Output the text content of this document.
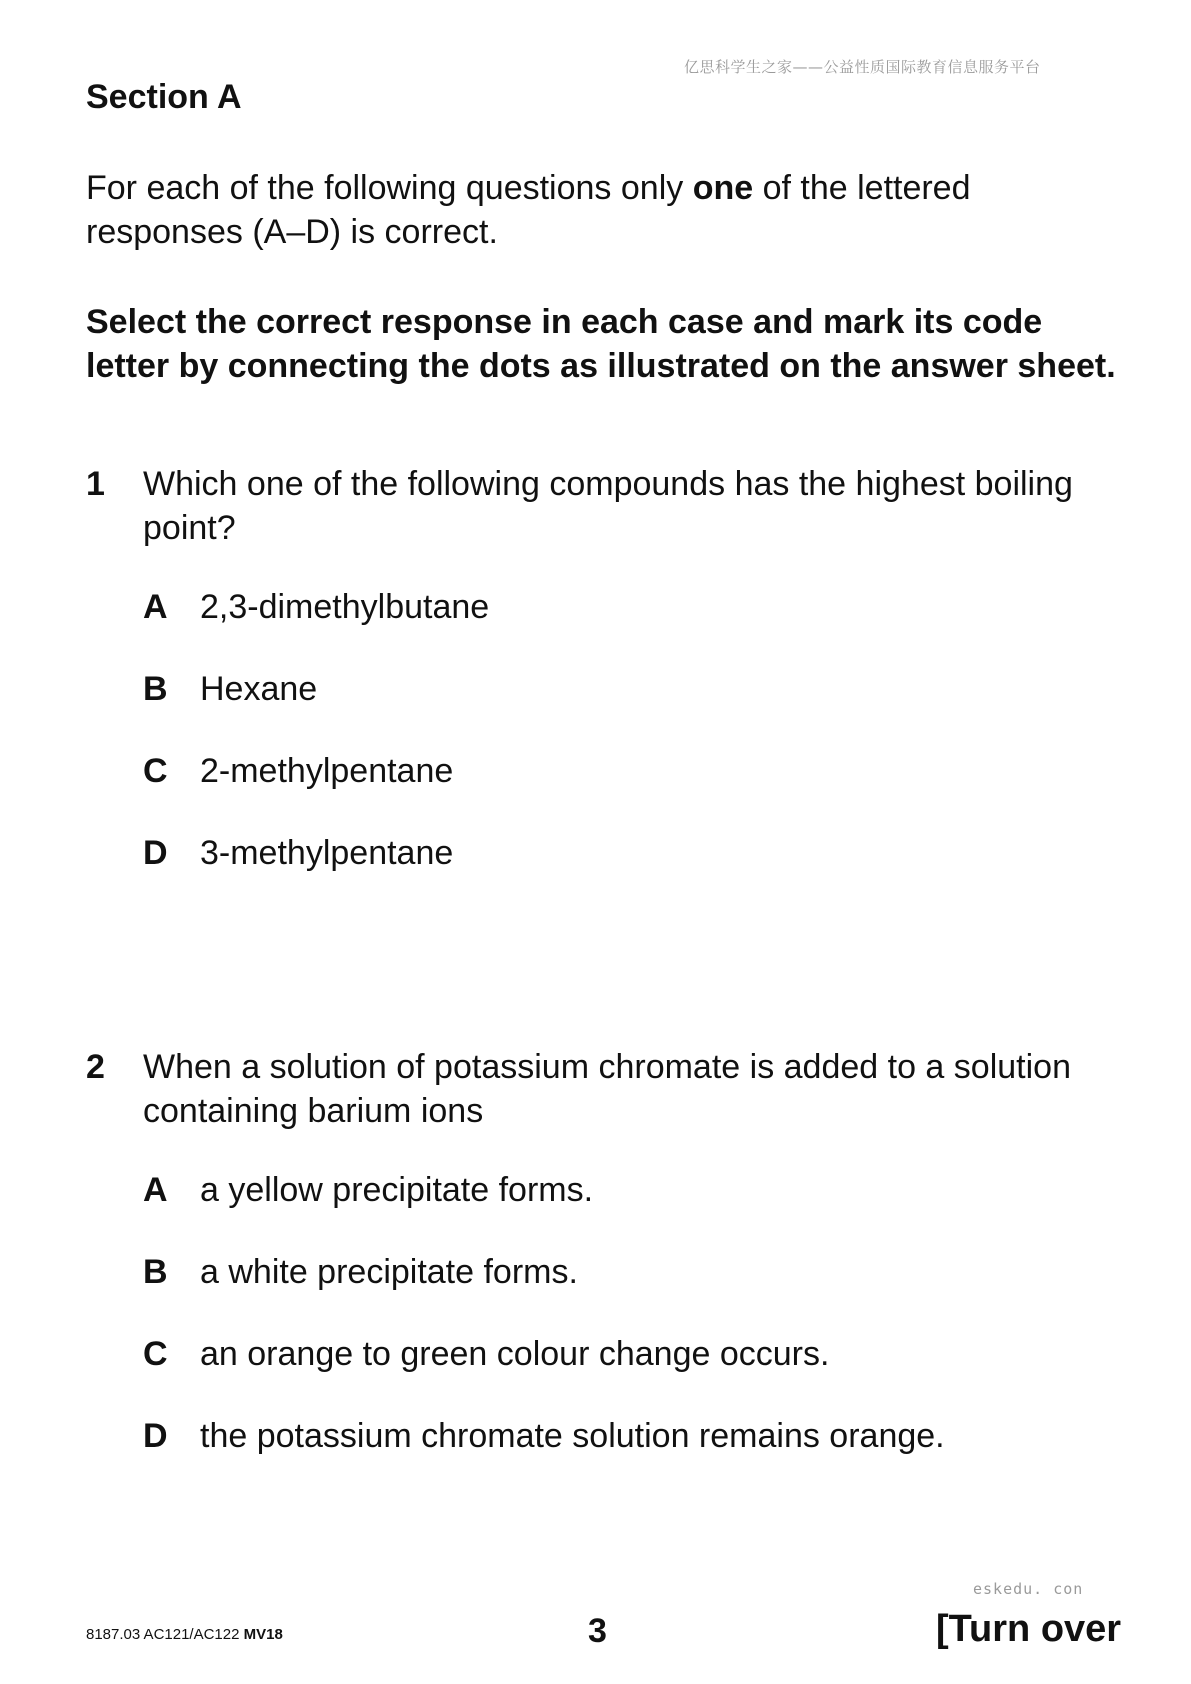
亿思科学生之家——公益性质国际教育信息服务平台
Section A

For each of the following questions only one of the lettered responses (A–D) is correct.

Select the correct response in each case and mark its code letter by connecting the dots as illustrated on the answer sheet.

1 Which one of the following compounds has the highest boiling point?
A 2,3-dimethylbutane
B Hexane
C 2-methylpentane
D 3-methylpentane
2 When a solution of potassium chromate is added to a solution containing barium ions
A a yellow precipitate forms.
B a white precipitate forms.
C an orange to green colour change occurs.
D the potassium chromate solution remains orange.
eskedu. con
8187.03 AC121/AC122 MV18	3	[Turn over
